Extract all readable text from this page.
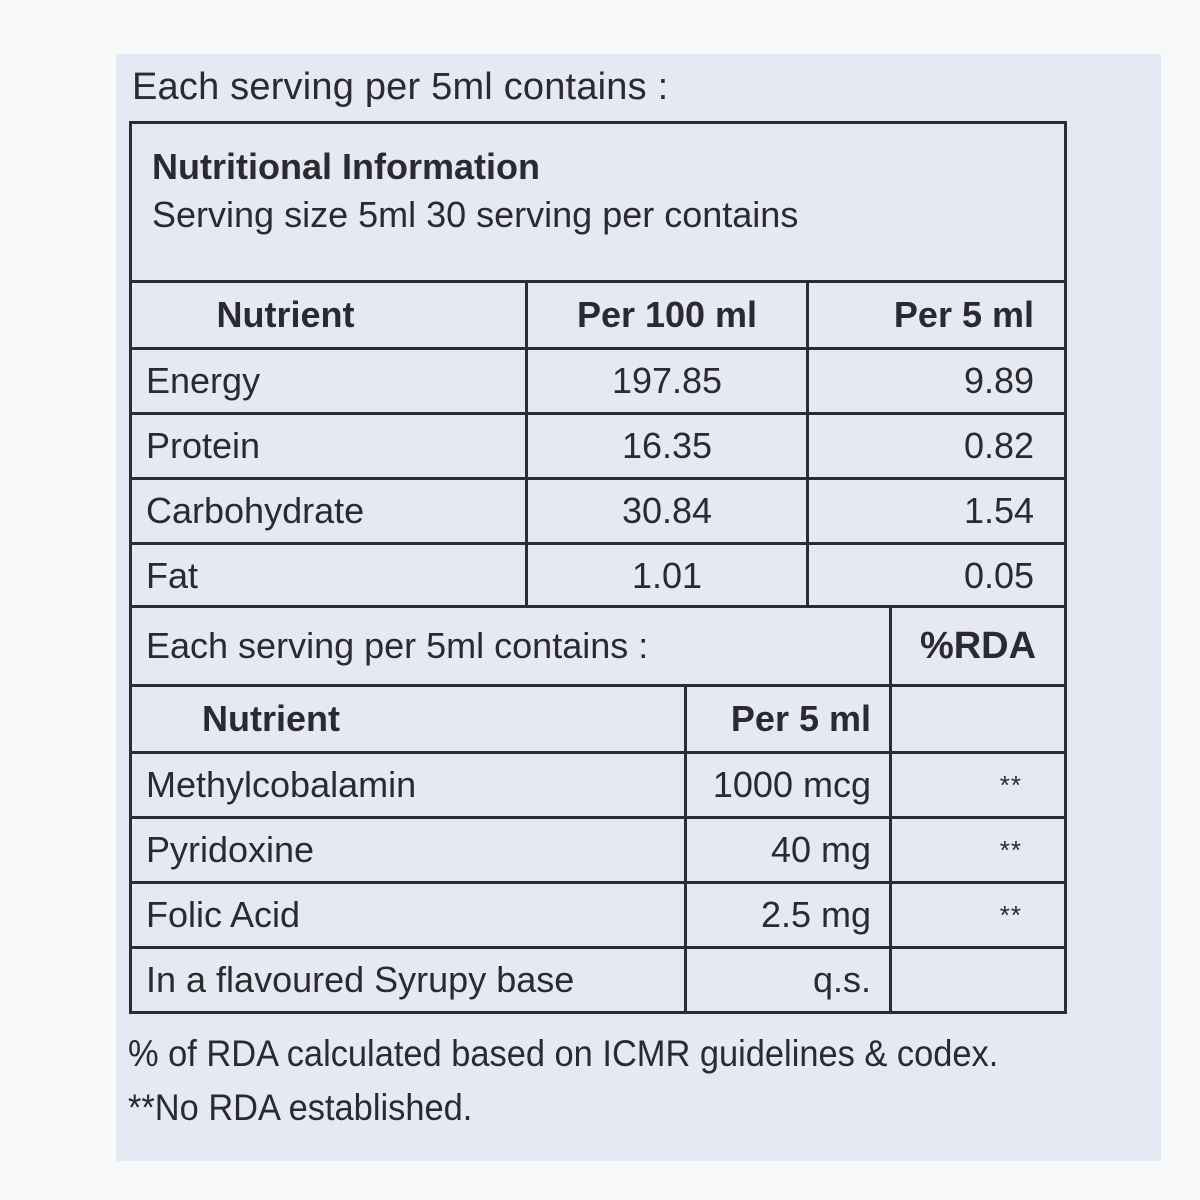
Each serving per 5ml contains :
Nutritional Information
Serving size 5ml 30 serving per contains		

Nutrient	Per 100 ml	Per 5 ml
Energy	197.85	9.89
Protein	16.35	0.82
Carbohydrate	30.84	1.54
Fat	1.01	0.05
Each serving per 5ml contains :		%RDA
Nutrient	Per 5 ml	
Methylcobalamin	1000 mcg	**
Pyridoxine	40 mg	**
Folic Acid	2.5 mg	**
In a flavoured Syrupy base	q.s.	
% of RDA calculated based on ICMR guidelines & codex.
**No RDA established.
